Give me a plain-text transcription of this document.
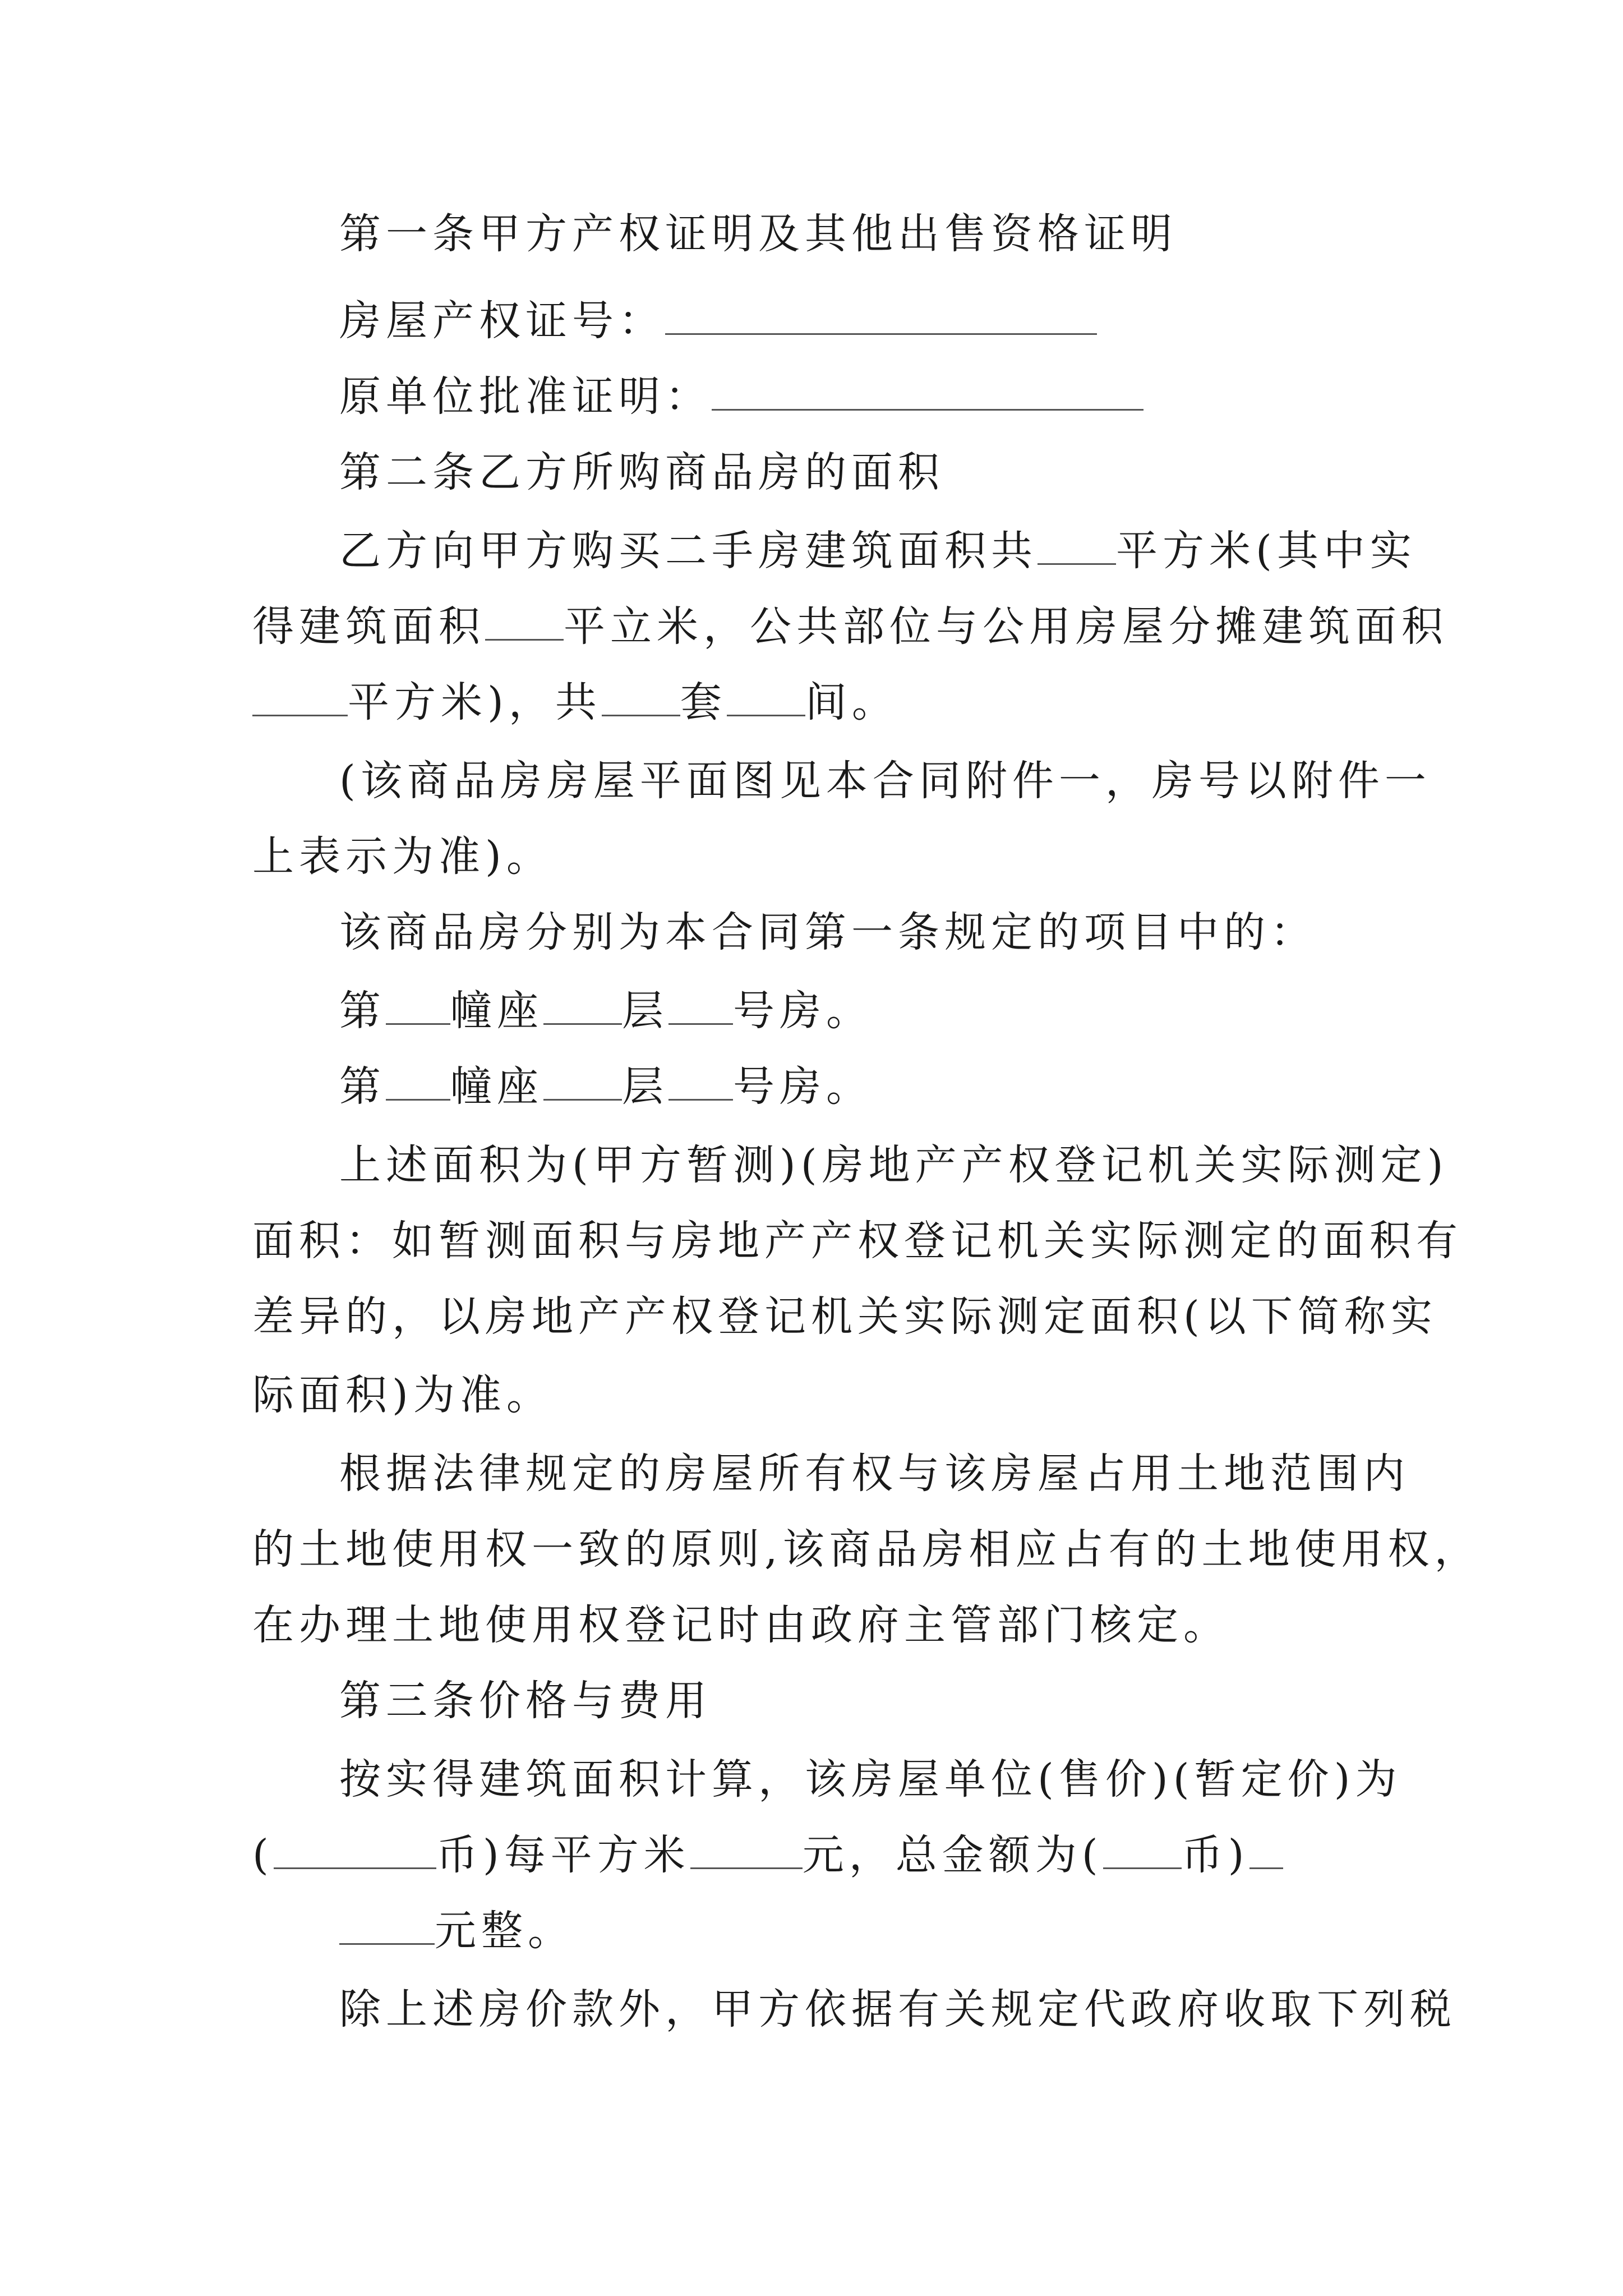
第一条甲方产权证明及其他出售资格证明

房屋产权证号：

原单位批准证明：

第二条乙方所购商品房的面积

乙方向甲方购买二手房建筑面积共 平方米(其中实

得建筑面积 平立米，公共部位与公用房屋分摊建筑面积

平方米)，共 套 间。

(该商品房房屋平面图见本合同附件一，房号以附件一

上表示为准)。

该商品房分别为本合同第一条规定的项目中的：

第 幢座 层 号房。

第 幢座 层 号房。

上述面积为(甲方暂测)(房地产产权登记机关实际测定)

面积：如暂测面积与房地产产权登记机关实际测定的面积有

差异的，以房地产产权登记机关实际测定面积(以下简称实

际面积)为准。

根据法律规定的房屋所有权与该房屋占用土地范围内

的土地使用权一致的原则,该商品房相应占有的土地使用权，

在办理土地使用权登记时由政府主管部门核定。

第三条价格与费用

按实得建筑面积计算，该房屋单位(售价)(暂定价)为

(	币)每平方米	元，总金额为( 币)

元整。

除上述房价款外，甲方依据有关规定代政府收取下列税
